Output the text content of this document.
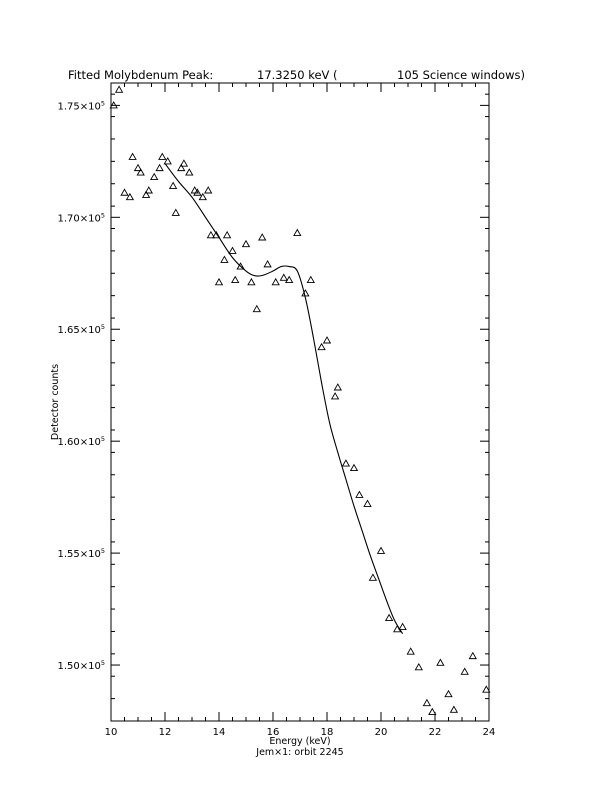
Fitted Molybdenum Peak:	17.3250 keV (	105 Science windows)
10	12	14	16	18	20	22	24
$1.50\times 10^5$
$1.55\times 10^5$
$1.60\times 10^5$
$1.65\times 10^5$
$1.70\times 10^5$
$1.75\times 10^5$
Energy (keV)
Jem×1: orbit 2245
Detector counts
